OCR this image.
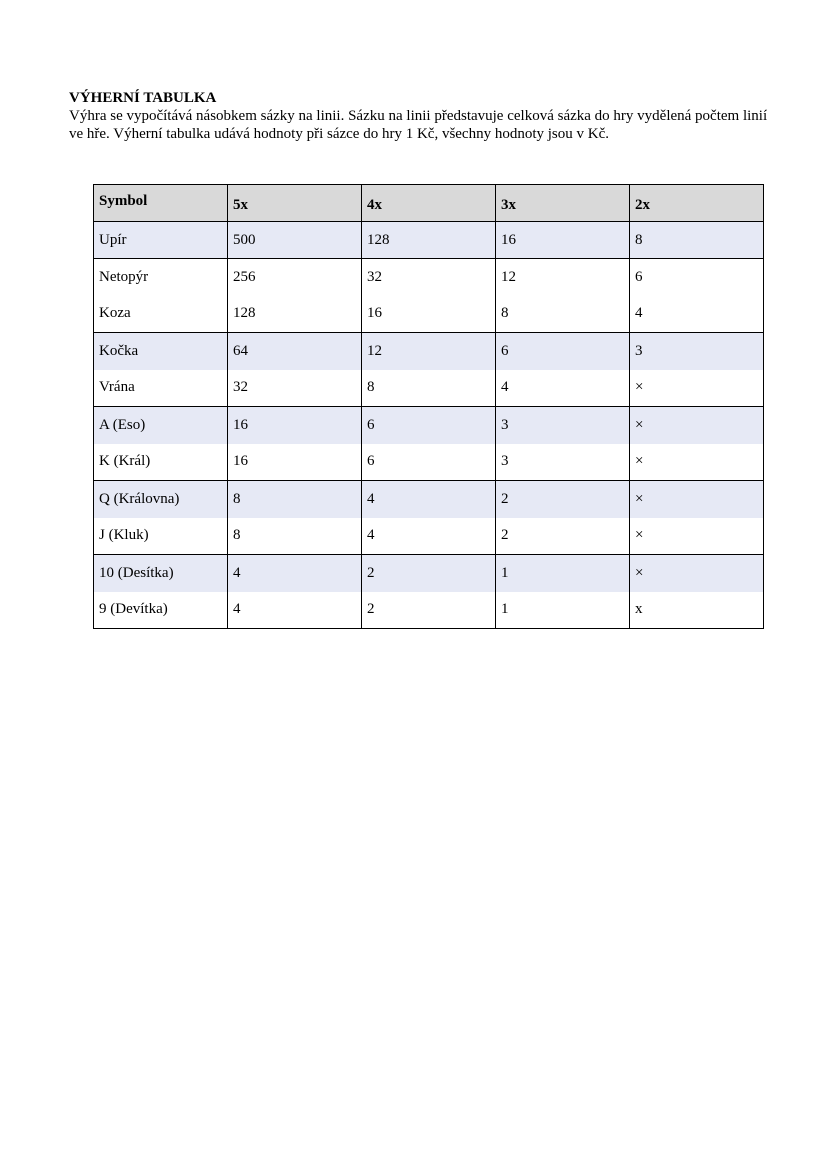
VÝHERNÍ TABULKA

Výhra se vypočítává násobkem sázky na linii. Sázku na linii představuje celková sázka do hry vydělená počtem linií ve hře. Výherní tabulka udává hodnoty při sázce do hry 1 Kč, všechny hodnoty jsou v Kč.

Symbol	5x	4x	3x	2x
Upír	500	128	16	8
Netopýr	256	32	12	6
Koza	128	16	8	4
Kočka	64	12	6	3
Vrána	32	8	4	×
A (Eso)	16	6	3	×
K (Král)	16	6	3	×
Q (Královna)	8	4	2	×
J (Kluk)	8	4	2	×
10 (Desítka)	4	2	1	×
9 (Devítka)	4	2	1	x
